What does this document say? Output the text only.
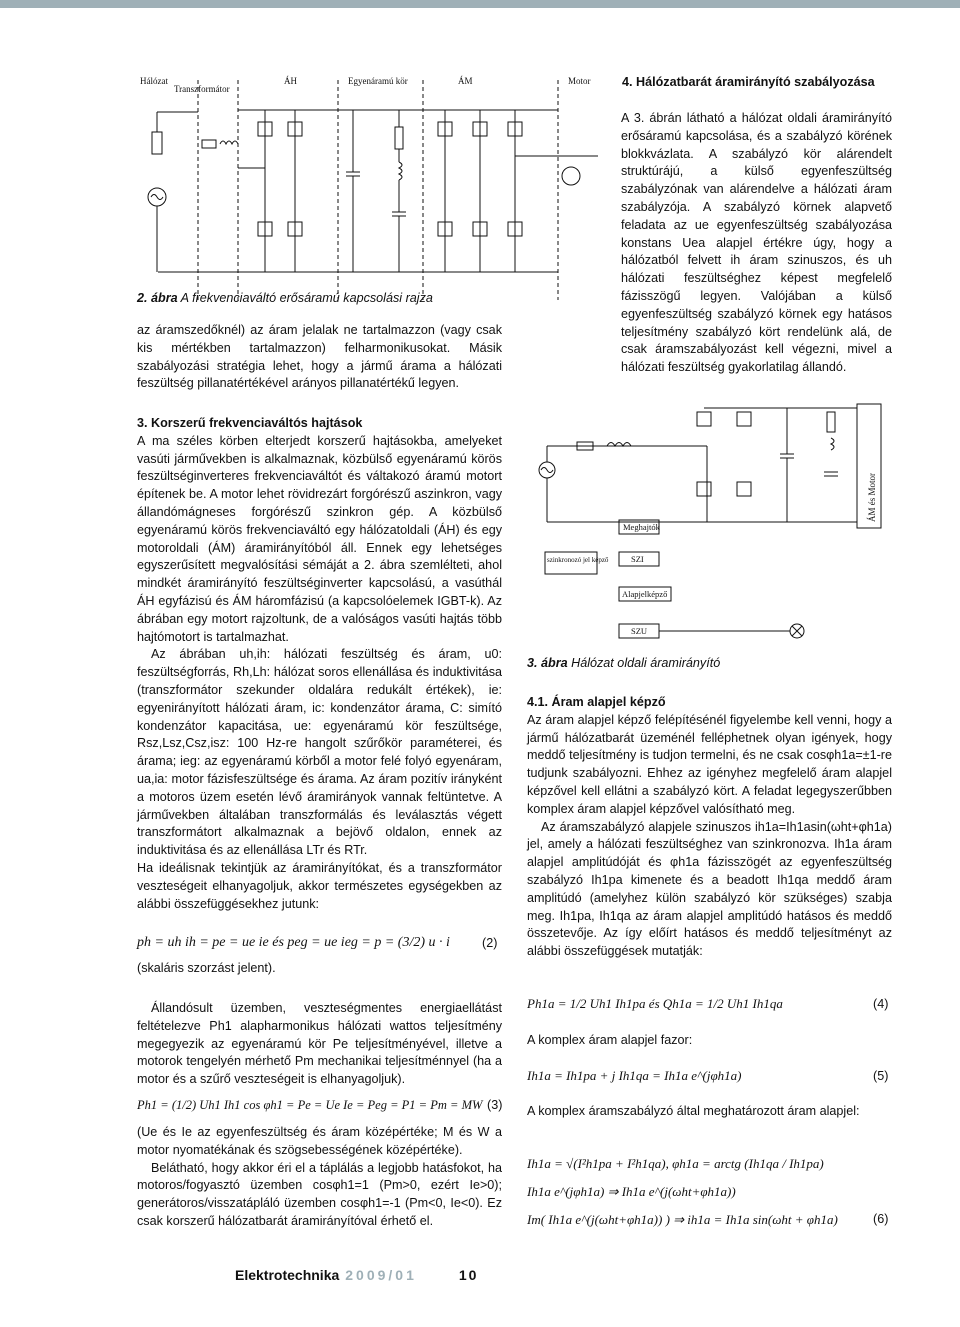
Hálózat
Transzformátor
ÁH	Egyenáramú kör	ÁM	Motor
2. ábra A frekvenciaváltó erősáramú kapcsolási rajza

az áramszedőknél) az áram jelalak ne tartalmazzon (vagy csak kis mértékben tartalmazzon) felharmonikusokat. Másik szabályozási stratégia lehet, hogy a jármű árama a hálózati feszültség pillanatértékével arányos pillanatértékű legyen.

4. Hálózatbarát áramirányító szabályozása

A 3. ábrán látható a hálózat oldali áramirányító erősáramú kapcsolása, és a szabályzó körének blokkvázlata. A szabályzó kör alárendelt struktúrájú, a külső egyenfeszültség szabályzónak van alárendelve a hálózati áram szabályzója. A szabályzó körnek alapvető feladata az ue egyenfeszültség szabályozása konstans Uea alapjel értékre úgy, hogy a hálózatból felvett ih áram szinuszos, és uh hálózati feszültséghez képest megfelelő fázisszögű legyen. Valójában a külső egyenfeszültség szabályzó körnek egy hatásos teljesítmény szabályzó kört rendelünk alá, de csak áramszabályozást kell végezni, mivel a hálózati feszültség gyakorlatilag állandó.

3. Korszerű frekvenciaváltós hajtások

A ma széles körben elterjedt korszerű hajtásokba, amelyeket vasúti járművekben is alkalmaznak, közbülső egyenáramú körös feszültséginverteres frekvenciaváltót és váltakozó áramú motort építenek be. A motor lehet rövidrezárt forgórészű aszinkron, vagy állandómágneses forgórészű szinkron gép. A közbülső egyenáramú körös frekvenciaváltó egy hálózatoldali (ÁH) és egy motoroldali (ÁM) áramirányítóból áll. Ennek egy lehetséges egyszerűsített megvalósítási sémáját a 2. ábra szemlélteti, ahol mindkét áramirányító feszültséginverter kapcsolású, a vasúthál ÁH egyfázisú és ÁM háromfázisú (a kapcsolóelemek IGBT-k). Az ábrában egy motort rajzoltunk, de a valóságos vasúti hajtás több hajtómotort is tartalmazhat.

Az ábrában uh,ih: hálózati feszültség és áram, u0: feszültségforrás, Rh,Lh: hálózat soros ellenállása és induktivitása (transzformátor szekunder oldalára redukált értékek), ie: egyenirányított hálózati áram, ic: kondenzátor árama, C: simító kondenzátor kapacitása, ue: egyenáramú kör feszültsége, Rsz,Lsz,Csz,isz: 100 Hz-re hangolt szűrőkör paraméterei, és árama; ieg: az egyenáramú körből a motor felé folyó egyenáram, ua,ia: motor fázisfeszültsége és árama. Az áram pozitív irányként a motoros üzem esetén lévő áramirányok vannak feltüntetve. A járművekben általában transzformálás és leválasztás végett transzformátort alkalmaznak a bejövő oldalon, ennek az induktivitása és az ellenállása LTr és RTr.

Ha ideálisnak tekintjük az áramirányítókat, és a transzformátor veszteségeit elhanyagoljuk, akkor természetes egységekben az alábbi összefüggésekhez jutunk:

ph = uh ih = pe = ue ie és peg = ue ieg = p = (3/2) u · i	(2)

(skaláris szorzást jelent).

Állandósult üzemben, veszteségmentes energiaellátást feltételezve Ph1 alapharmonikus hálózati wattos teljesítmény megegyezik az egyenáramú kör Pe teljesítményével, illetve a motorok tengelyén mérhető Pm mechanikai teljesítménnyel (ha a motor és a szűrő veszteségeit is elhanyagoljuk).

Ph1 = (1/2) Uh1 Ih1 cos φh1 = Pe = Ue Ie = Peg = P1 = Pm = MW (3)

(Ue és Ie az egyenfeszültség és áram középértéke; M és W a motor nyomatékának és szögsebességének középértéke).

Belátható, hogy akkor éri el a táplálás a legjobb hatásfokot, ha motoros/fogyasztó üzemben cosφh1=1 (Pm>0, ezért Ie>0); generátoros/visszatápláló üzemben cosφh1=-1 (Pm<0, Ie<0). Ez csak korszerű hálózatbarát áramirányítóval érhető el.

Meghajtók
SZI
szinkronozó jel képző
Alapjelképző
SZU
ÁM és Motor
3. ábra Hálózat oldali áramirányító

4.1. Áram alapjel képző

Az áram alapjel képző felépítésénél figyelembe kell venni, hogy a jármű hálózatbarát üzeménél felléphetnek olyan igények, hogy meddő teljesítmény is tudjon termelni, és ne csak cosφh1a=±1-re tudjunk szabályozni. Ehhez az igényhez megfelelő áram alapjel képzővel kell ellátni a szabályzó kört. A feladat legegyszerűbben komplex áram alapjel képzővel valósítható meg.

Az áramszabályzó alapjele szinuszos ih1a=Ih1asin(ωht+φh1a) jel, amely a hálózati feszültséghez van szinkronozva. Ih1a áram alapjel amplitúdóját és φh1a fázisszögét az egyenfeszültség szabályzó Ih1pa kimenete és a beadott Ih1qa meddő áram amplitúdó (amelyhez külön szabályzó kör szükséges) szabja meg. Ih1pa, Ih1qa az áram alapjel amplitúdó hatásos és meddő összetevője. Az így előírt hatásos és meddő teljesítményt az alábbi összefüggések mutatják:

Ph1a = 1/2 Uh1 Ih1pa és Qh1a = 1/2 Uh1 Ih1qa	(4)

A komplex áram alapjel fazor:

Ih1a = Ih1pa + j Ih1qa = Ih1a e^(jφh1a)	(5)

A komplex áramszabályzó által meghatározott áram alapjel:

Ih1a = √(I²h1pa + I²h1qa), φh1a = arctg (Ih1qa / Ih1pa)
Ih1a e^(jφh1a) ⇒ Ih1a e^(j(ωht+φh1a))
Im( Ih1a e^(j(ωht+φh1a)) ) ⇒ ih1a = Ih1a sin(ωht + φh1a)	(6)
Elektrotechnika 2009/01	10
